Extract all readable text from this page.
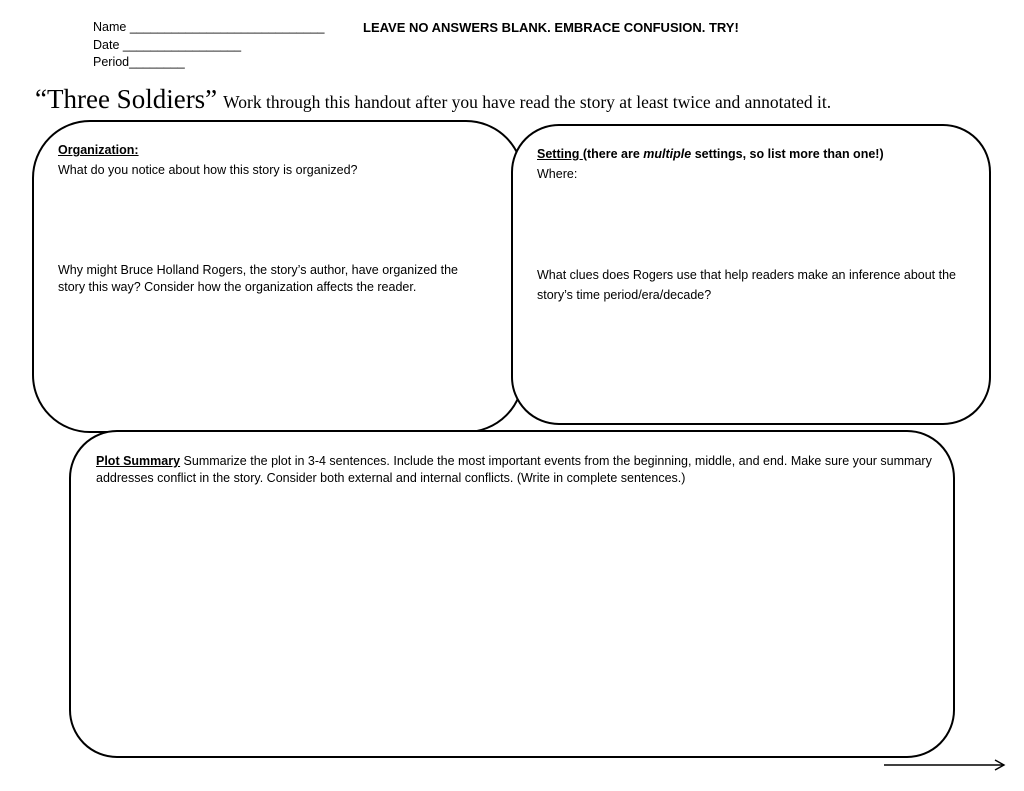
Name ____________________________
Date _________________
Period________
LEAVE NO ANSWERS BLANK. EMBRACE CONFUSION. TRY!
“Three Soldiers” Work through this handout after you have read the story at least twice and annotated it.
Organization:
What do you notice about how this story is organized?
Why might Bruce Holland Rogers, the story’s author, have organized the story this way? Consider how the organization affects the reader.
Setting (there are multiple settings, so list more than one!)
Where:
What clues does Rogers use that help readers make an inference about the story’s time period/era/decade?
Plot Summary Summarize the plot in 3-4 sentences. Include the most important events from the beginning, middle, and end. Make sure your summary addresses conflict in the story. Consider both external and internal conflicts. (Write in complete sentences.)
